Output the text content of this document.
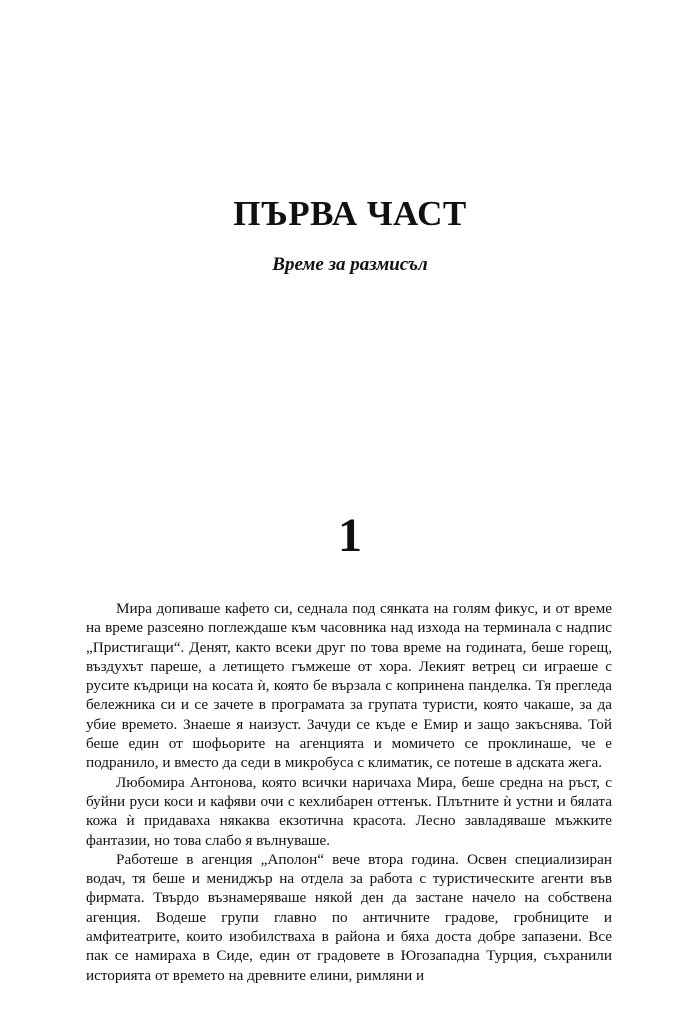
ПЪРВА ЧАСТ
Време за размисъл
1

Мира допиваше кафето си, седнала под сянката на голям фикус, и от време на време разсеяно поглеждаше към часовника над изхода на терминала с надпис „Пристигащи“. Денят, както всеки друг по това време на годината, беше горещ, въздухът пареше, а летището гъмжеше от хора. Лекият ветрец си играеше с русите къдрици на косата ѝ, която бе вързала с копринена панделка. Тя прегледа бележника си и се зачете в програмата за групата туристи, която чакаше, за да убие времето. Знаеше я наизуст. Зачуди се къде е Емир и защо закъснява. Той беше един от шофьорите на агенцията и момичето се проклинаше, че е подранило, и вместо да седи в микробуса с климатик, се потеше в адската жега.

Любомира Антонова, която всички наричаха Мира, беше средна на ръст, с буйни руси коси и кафяви очи с кехлибарен оттенък. Плътните ѝ устни и бялата кожа ѝ придаваха някаква екзотична красота. Лесно завладяваше мъжките фантазии, но това слабо я вълнуваше.

Работеше в агенция „Аполон“ вече втора година. Освен специализиран водач, тя беше и мениджър на отдела за работа с туристическите агенти във фирмата. Твърдо възнамеряваше някой ден да застане начело на собствена агенция. Водеше групи главно по античните градове, гробниците и амфитеатрите, които изобилстваха в района и бяха доста добре запазени. Все пак се намираха в Сиде, един от градовете в Югозападна Турция, съхранили историята от времето на древните елини, римляни и
